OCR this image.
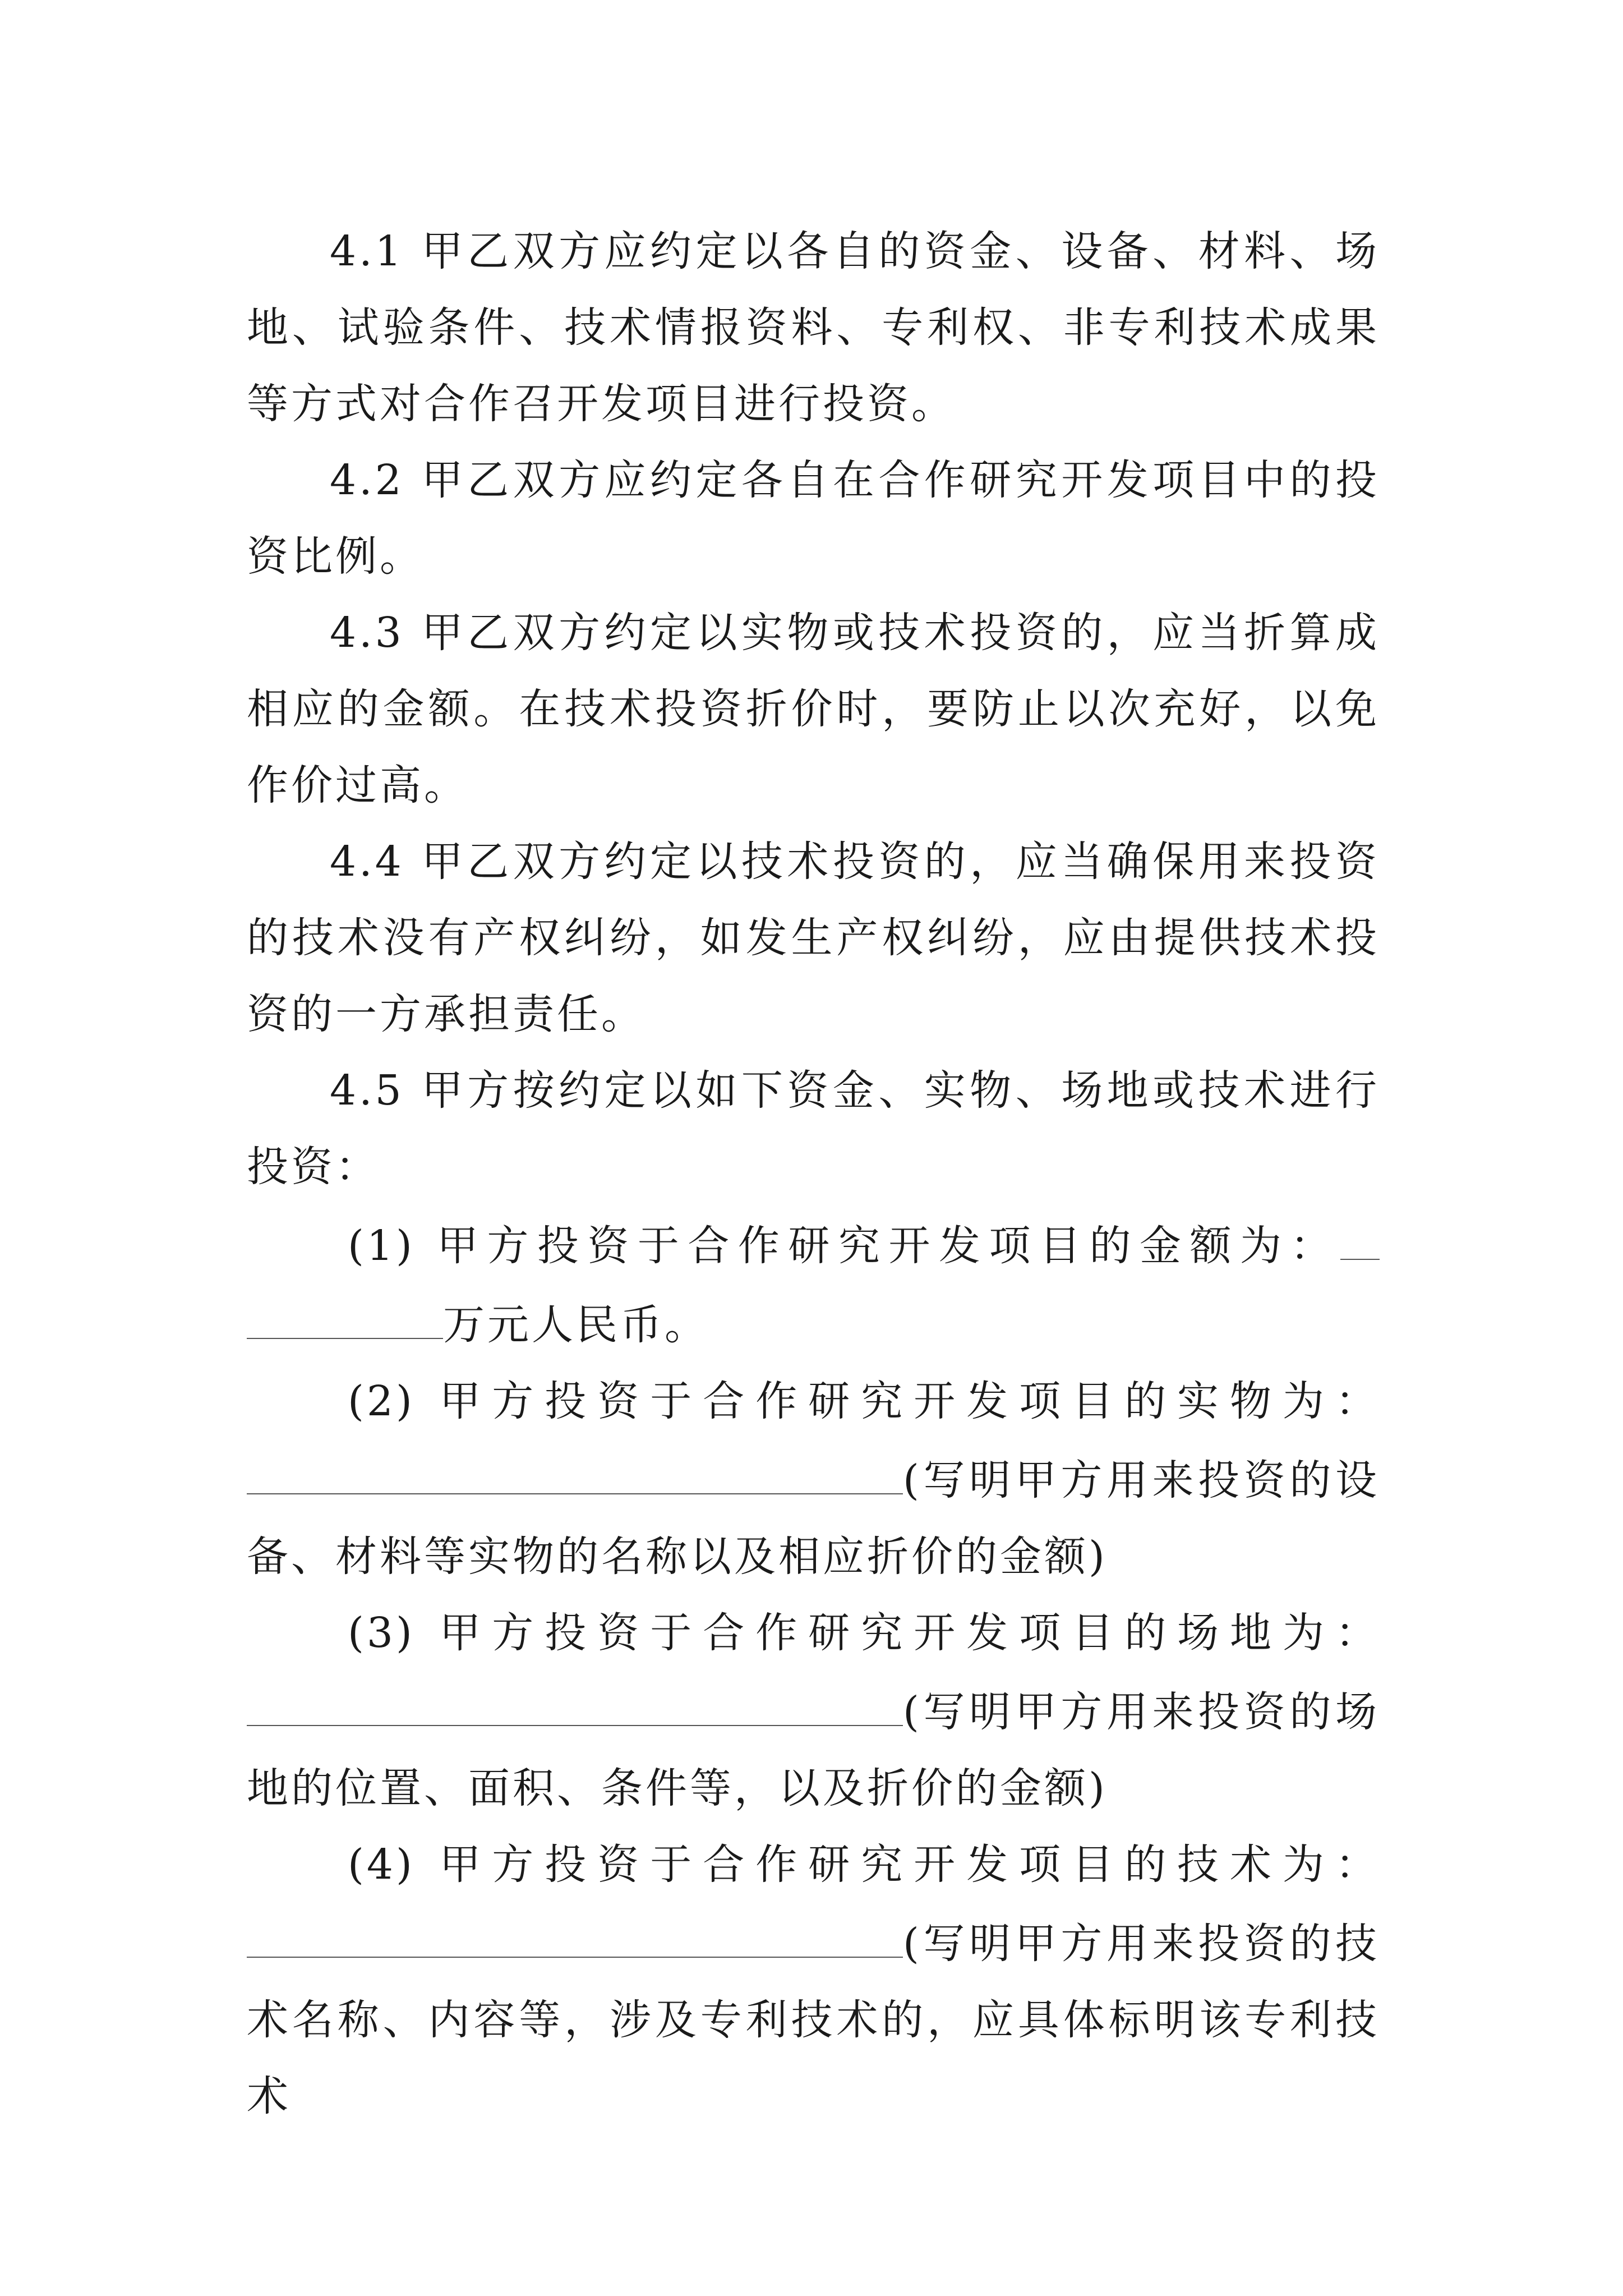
4.1 甲乙双方应约定以各自的资金、设备、材料、场地、试验条件、技术情报资料、专利权、非专利技术成果等方式对合作召开发项目进行投资。

4.2 甲乙双方应约定各自在合作研究开发项目中的投资比例。

4.3 甲乙双方约定以实物或技术投资的，应当折算成相应的金额。在技术投资折价时，要防止以次充好，以免作价过高。

4.4 甲乙双方约定以技术投资的，应当确保用来投资的技术没有产权纠纷，如发生产权纠纷，应由提供技术投资的一方承担责任。

4.5 甲方按约定以如下资金、实物、场地或技术进行投资：

(1) 甲方投资于合作研究开发项目的金额为：

万元人民币。

(2) 甲方投资于合作研究开发项目的实物为：

(写明甲方用来投资的设备、材料等实物的名称以及相应折价的金额)

(3) 甲方投资于合作研究开发项目的场地为：

(写明甲方用来投资的场地的位置、面积、条件等，以及折价的金额)

(4) 甲方投资于合作研究开发项目的技术为：

(写明甲方用来投资的技术名称、内容等，涉及专利技术的，应具体标明该专利技术
